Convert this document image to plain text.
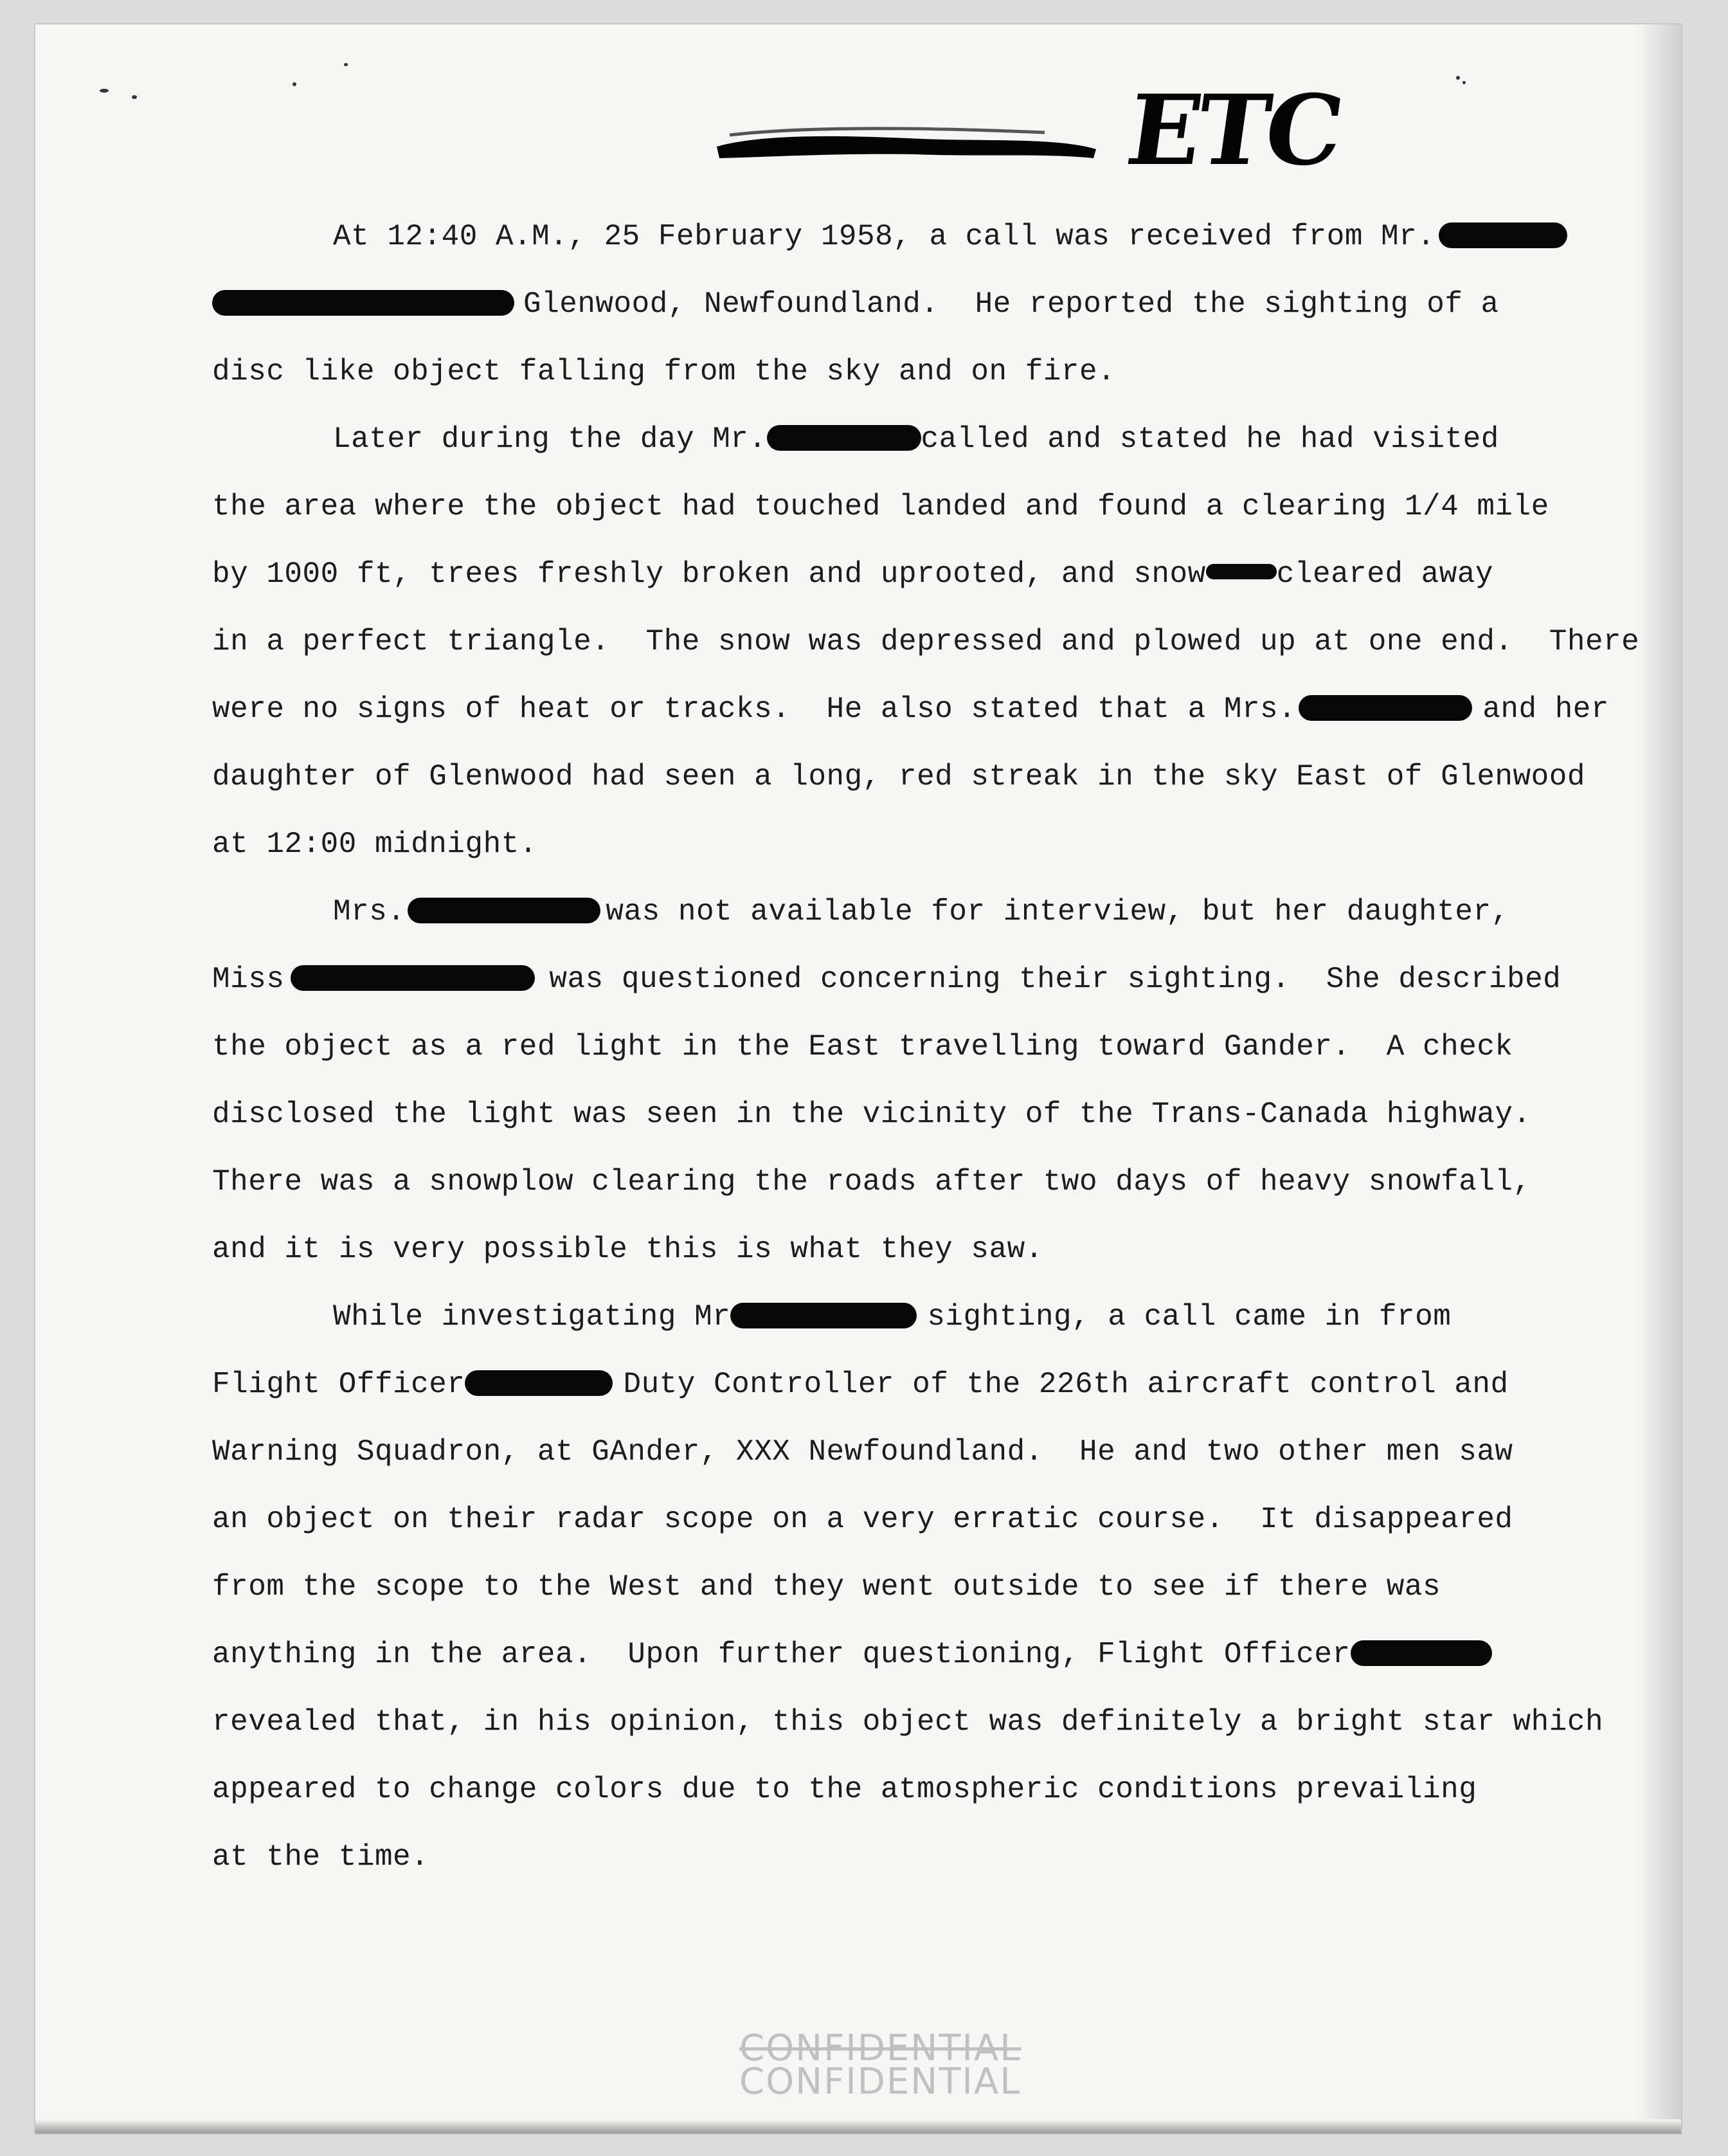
ETC
At 12:40 A.M., 25 February 1958, a call was received from Mr.
Glenwood, Newfoundland.  He reported the sighting of a
disc like object falling from the sky and on fire.
Later during the day Mr.	called and stated he had visited
the area where the object had touched landed and found a clearing 1/4 mile
by 1000 ft, trees freshly broken and uprooted, and snow cleared away
in a perfect triangle.  The snow was depressed and plowed up at one end.  There
were no signs of heat or tracks.  He also stated that a Mrs.	and her
daughter of Glenwood had seen a long, red streak in the sky East of Glenwood
at 12:00 midnight.
Mrs.	was not available for interview, but her daughter,
Miss	was questioned concerning their sighting.  She described
the object as a red light in the East travelling toward Gander.  A check
disclosed the light was seen in the vicinity of the Trans-Canada highway.
There was a snowplow clearing the roads after two days of heavy snowfall,
and it is very possible this is what they saw.
While investigating Mr	sighting, a call came in from
Flight Officer	Duty Controller of the 226th aircraft control and
Warning Squadron, at GAnder, XXX Newfoundland.  He and two other men saw
an object on their radar scope on a very erratic course.  It disappeared
from the scope to the West and they went outside to see if there was
anything in the area.  Upon further questioning, Flight Officer
revealed that, in his opinion, this object was definitely a bright star which
appeared to change colors due to the atmospheric conditions prevailing
at the time.
CONFIDENTIAL
CONFIDENTIAL
